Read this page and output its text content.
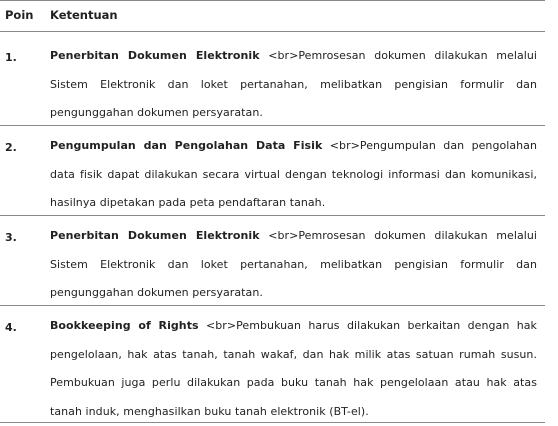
Poin Ketentuan
1.	Penerbitan Dokumen Elektronik <br>Pemrosesan dokumen dilakukan melalui Sistem Elektronik dan loket pertanahan, melibatkan pengisian formulir dan pengunggahan dokumen persyaratan.
2.	Pengumpulan dan Pengolahan Data Fisik <br>Pengumpulan dan pengolahan data fisik dapat dilakukan secara virtual dengan teknologi informasi dan komunikasi, hasilnya dipetakan pada peta pendaftaran tanah.
3.	Penerbitan Dokumen Elektronik <br>Pemrosesan dokumen dilakukan melalui Sistem Elektronik dan loket pertanahan, melibatkan pengisian formulir dan pengunggahan dokumen persyaratan.
4.	Bookkeeping of Rights <br>Pembukuan harus dilakukan berkaitan dengan hak pengelolaan, hak atas tanah, tanah wakaf, dan hak milik atas satuan rumah susun. Pembukuan juga perlu dilakukan pada buku tanah hak pengelolaan atau hak atas tanah induk, menghasilkan buku tanah elektronik (BT-el).
